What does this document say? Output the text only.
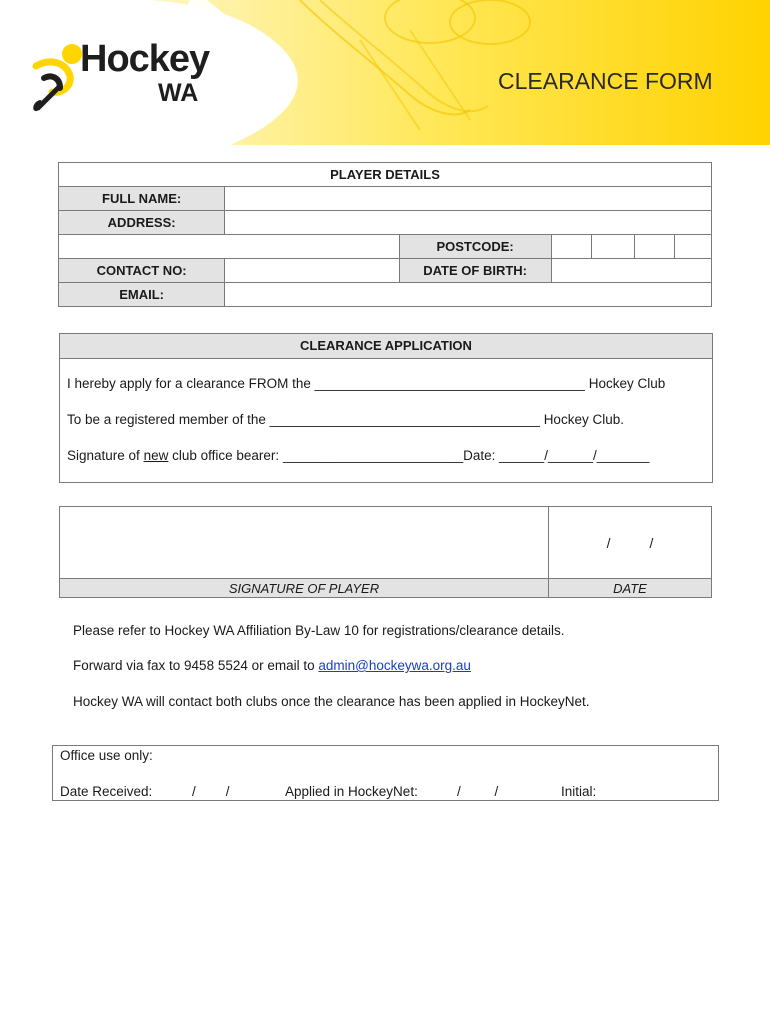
Hockey
WA	CLEARANCE FORM
PLAYER DETAILS						
FULL NAME:						
ADDRESS:						
		POSTCODE:				
CONTACT NO:		DATE OF BIRTH:				
EMAIL:						
CLEARANCE APPLICATION
I hereby apply for a clearance FROM the ____________________________________ Hockey Club
To be a registered member of the ____________________________________ Hockey Club.
Signature of new club office bearer: ________________________Date: ______/______/_______
	/          /
SIGNATURE OF PLAYER	DATE
Please refer to Hockey WA Affiliation By-Law 10 for registrations/clearance details.
Forward via fax to 9458 5524 or email to admin@hockeywa.org.au
Hockey WA will contact both clubs once the clearance has been applied in HockeyNet.
Office use only:
Date Received:	/        /	Applied in HockeyNet:	/         /	Initial:
